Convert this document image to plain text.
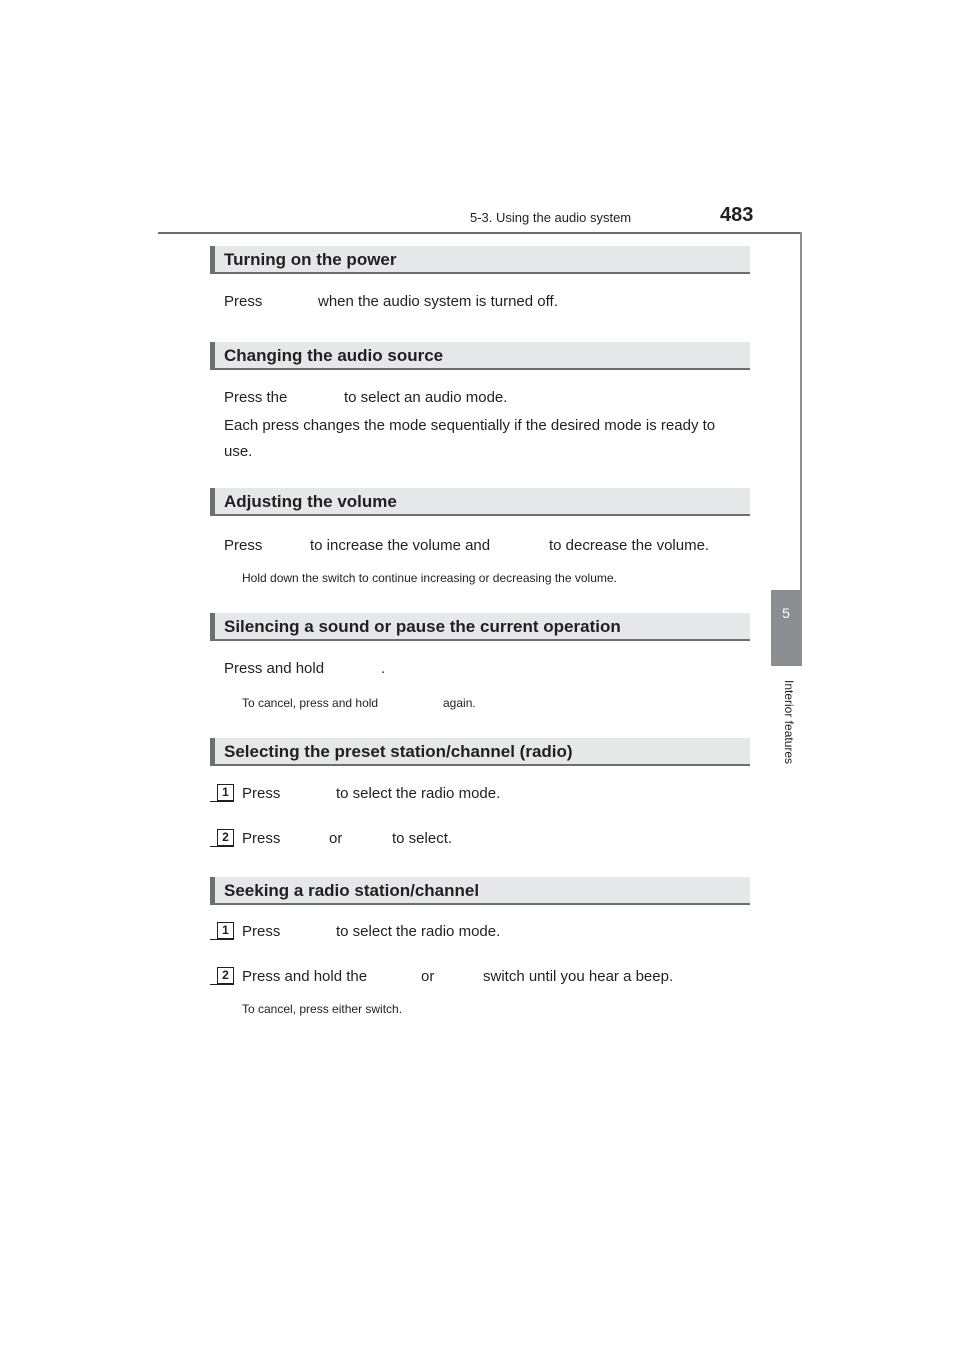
5-3. Using the audio system	483
5
Interior features
Turning on the power
Press	when the audio system is turned off.
Changing the audio source
Press the	to select an audio mode.
Each press changes the mode sequentially if the desired mode is ready to
use.
Adjusting the volume
Press	to increase the volume and	to decrease the volume.
Hold down the switch to continue increasing or decreasing the volume.
Silencing a sound or pause the current operation
Press and hold	.
To cancel, press and hold	again.
Selecting the preset station/channel (radio)
1 Press	to select the radio mode.
2 Press	or	to select.
Seeking a radio station/channel
1 Press	to select the radio mode.
2 Press and hold the	or	switch until you hear a beep.
To cancel, press either switch.
